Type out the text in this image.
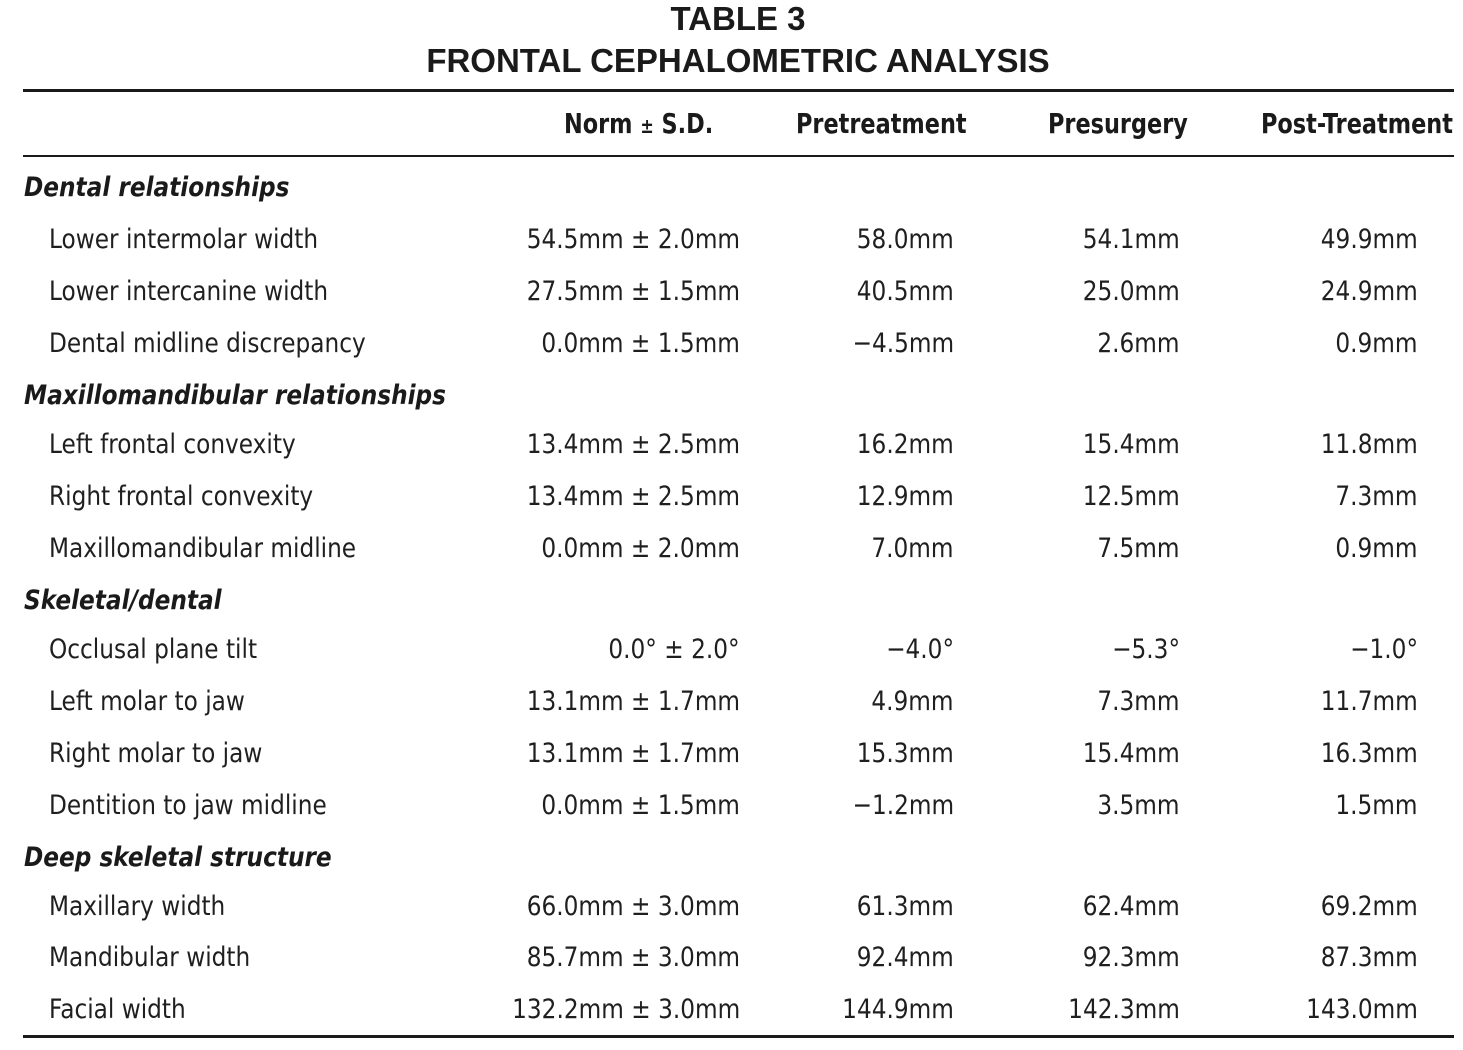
TABLE 3
FRONTAL CEPHALOMETRIC ANALYSIS
Norm ± S.D.	Pretreatment	Presurgery	Post-Treatment
Dental relationships
Lower intermolar width	54.5mm ± 2.0mm	58.0mm	54.1mm	49.9mm
Lower intercanine width	27.5mm ± 1.5mm	40.5mm	25.0mm	24.9mm
Dental midline discrepancy	0.0mm ± 1.5mm	−4.5mm	2.6mm	0.9mm
Maxillomandibular relationships
Left frontal convexity	13.4mm ± 2.5mm	16.2mm	15.4mm	11.8mm
Right frontal convexity	13.4mm ± 2.5mm	12.9mm	12.5mm	7.3mm
Maxillomandibular midline	0.0mm ± 2.0mm	7.0mm	7.5mm	0.9mm
Skeletal/dental
Occlusal plane tilt	0.0° ± 2.0°	−4.0°	−5.3°	−1.0°
Left molar to jaw	13.1mm ± 1.7mm	4.9mm	7.3mm	11.7mm
Right molar to jaw	13.1mm ± 1.7mm	15.3mm	15.4mm	16.3mm
Dentition to jaw midline	0.0mm ± 1.5mm	−1.2mm	3.5mm	1.5mm
Deep skeletal structure
Maxillary width	66.0mm ± 3.0mm	61.3mm	62.4mm	69.2mm
Mandibular width	85.7mm ± 3.0mm	92.4mm	92.3mm	87.3mm
Facial width	132.2mm ± 3.0mm	144.9mm	142.3mm	143.0mm
